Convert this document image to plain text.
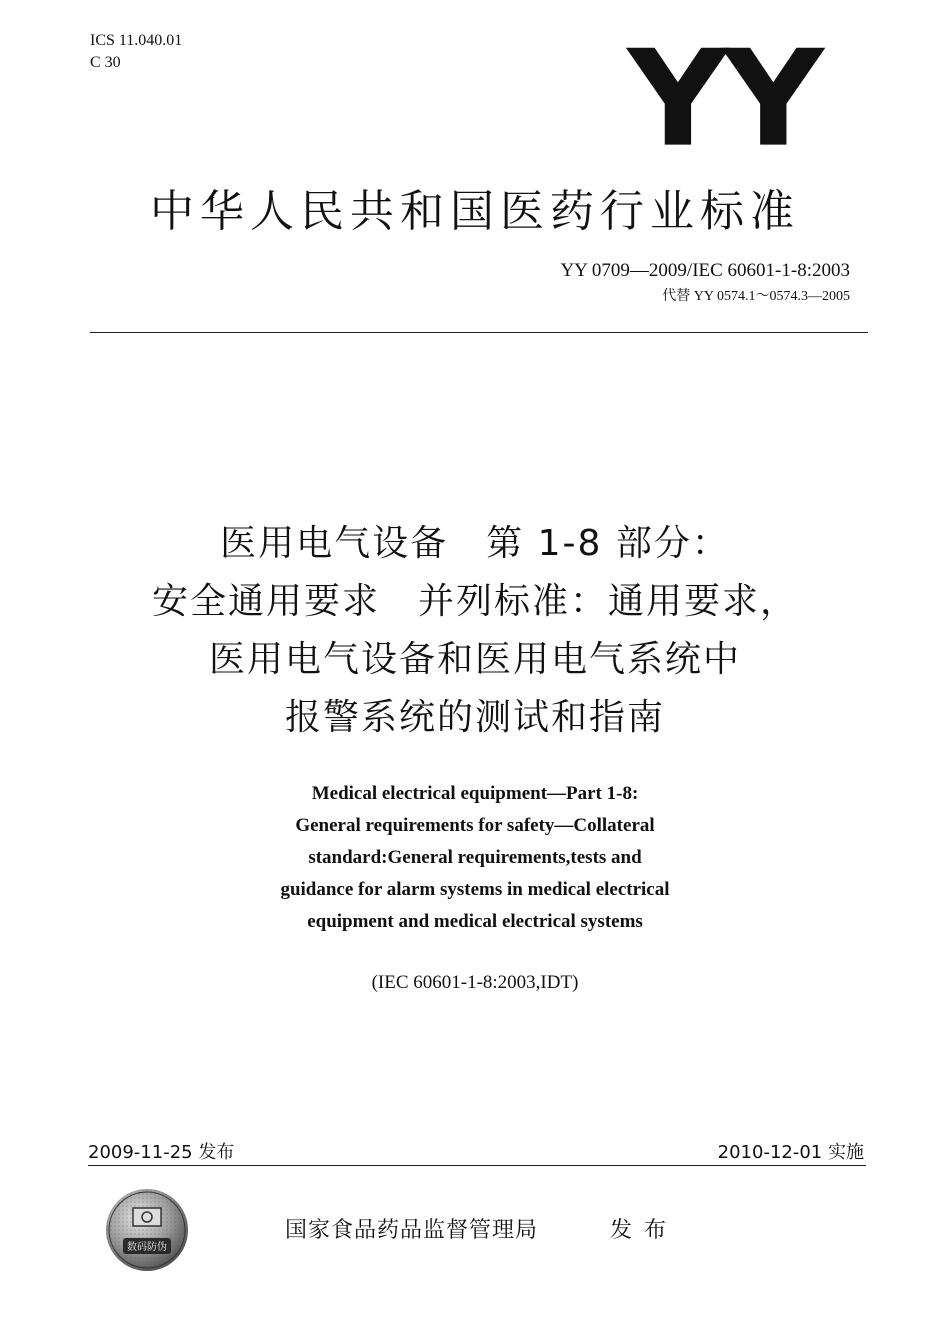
ICS 11.040.01
C 30	YY
中华人民共和国医药行业标准
YY 0709—2009/IEC 60601-1-8:2003
代替 YY 0574.1～0574.3—2005
医用电气设备　第 1-8 部分：
安全通用要求　并列标准：通用要求，
医用电气设备和医用电气系统中
报警系统的测试和指南
Medical electrical equipment—Part 1-8:
General requirements for safety—Collateral
standard:General requirements,tests and
guidance for alarm systems in medical electrical
equipment and medical electrical systems
(IEC 60601-1-8:2003,IDT)
2009-11-25 发布	2010-12-01 实施
数码防伪
国家食品药品监督管理局	发布
